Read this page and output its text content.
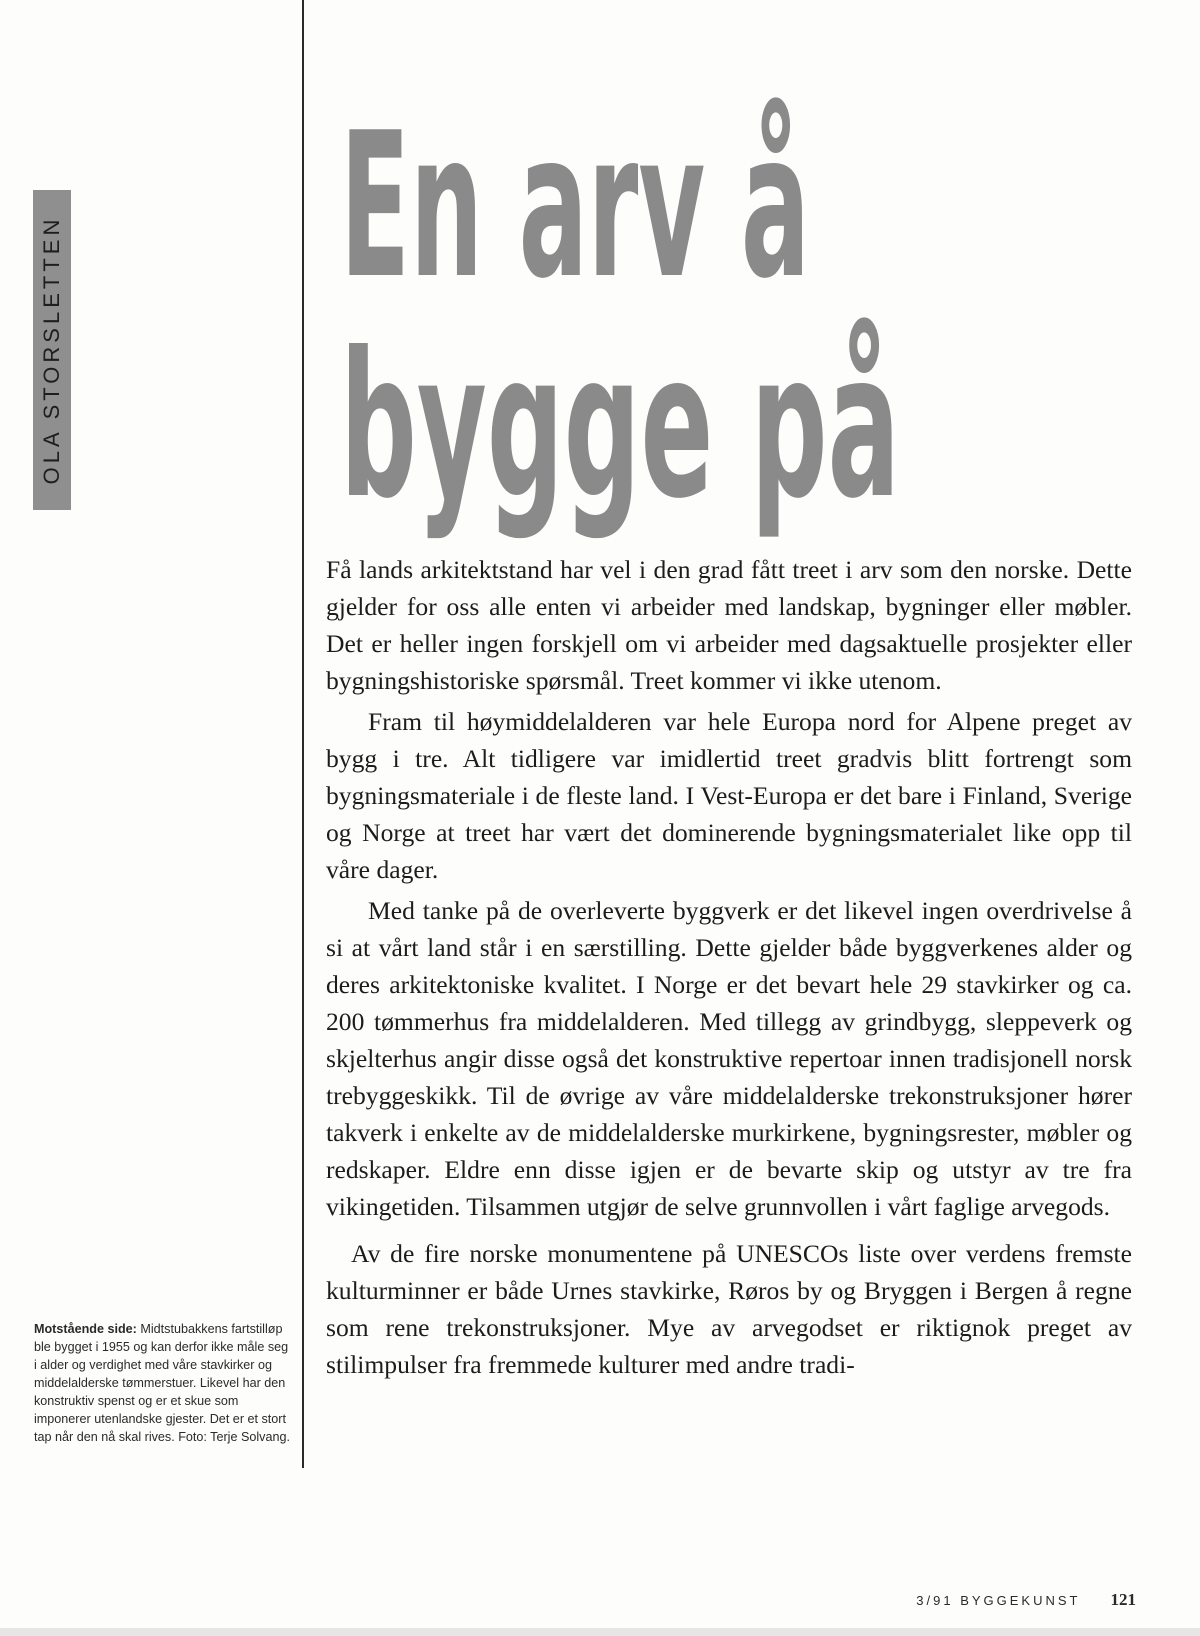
OLA STORSLETTEN
En arv å
bygge på

Få lands arkitektstand har vel i den grad fått treet i arv som den norske. Dette gjelder for oss alle enten vi arbeider med landskap, bygninger eller møbler. Det er heller ingen forskjell om vi arbeider med dagsaktuelle prosjekter eller bygningshistoriske spørsmål. Treet kommer vi ikke utenom.

Fram til høymiddelalderen var hele Europa nord for Alpene preget av bygg i tre. Alt tidligere var imidlertid treet gradvis blitt fortrengt som bygningsmateriale i de fleste land. I Vest-Europa er det bare i Finland, Sverige og Norge at treet har vært det dominerende bygningsmaterialet like opp til våre dager.

Med tanke på de overleverte byggverk er det likevel ingen overdrivelse å si at vårt land står i en særstilling. Dette gjelder både byggverkenes alder og deres arkitektoniske kvalitet. I Norge er det bevart hele 29 stavkirker og ca. 200 tømmerhus fra middelalderen. Med tillegg av grindbygg, sleppeverk og skjelterhus angir disse også det konstruktive repertoar innen tradisjonell norsk trebyggeskikk. Til de øvrige av våre middelalderske trekonstruksjoner hører takverk i enkelte av de middelalderske murkirkene, bygningsrester, møbler og redskaper. Eldre enn disse igjen er de bevarte skip og utstyr av tre fra vikingetiden. Tilsammen utgjør de selve grunnvollen i vårt faglige arvegods.

Av de fire norske monumentene på UNESCOs liste over verdens fremste kulturminner er både Urnes stavkirke, Røros by og Bryggen i Bergen å regne som rene trekonstruksjoner. Mye av arvegodset er riktignok preget av stilimpulser fra fremmede kulturer med andre tradi-

Motstående side: Midtstubakkens fartstilløp ble bygget i 1955 og kan derfor ikke måle seg i alder og verdighet med våre stavkirker og middelalderske tømmerstuer. Likevel har den konstruktiv spenst og er et skue som imponerer utenlandske gjester. Det er et stort tap når den nå skal rives. Foto: Terje Solvang.
3/91 BYGGEKUNST 121
